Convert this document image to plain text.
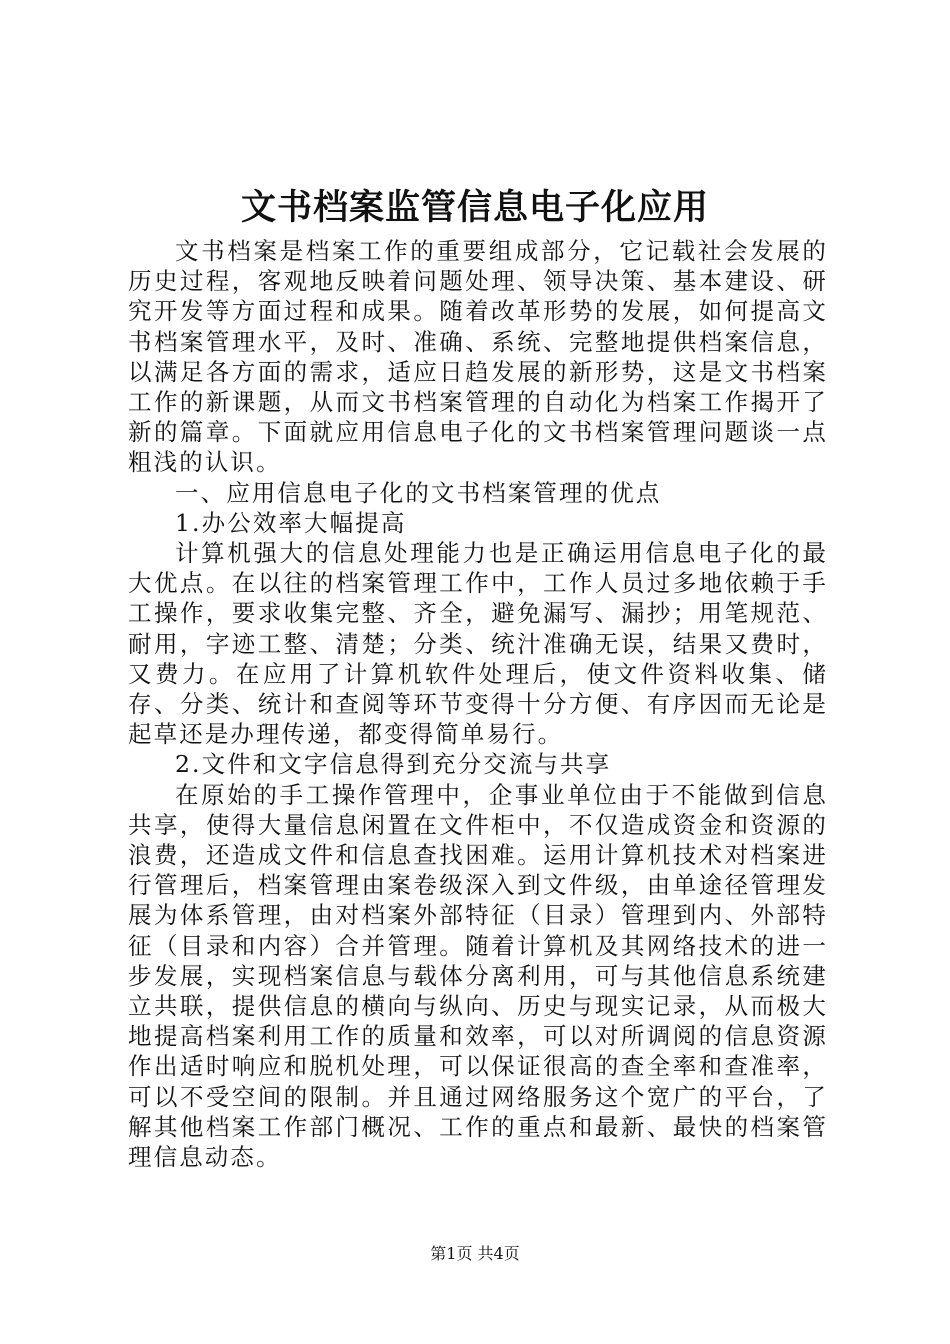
文书档案监管信息电子化应用

文书档案是档案工作的重要组成部分，它记载社会发展的历史过程，客观地反映着问题处理、领导决策、基本建设、研究开发等方面过程和成果。随着改革形势的发展，如何提高文书档案管理水平，及时、准确、系统、完整地提供档案信息，以满足各方面的需求，适应日趋发展的新形势，这是文书档案工作的新课题，从而文书档案管理的自动化为档案工作揭开了新的篇章。下面就应用信息电子化的文书档案管理问题谈一点粗浅的认识。

一、应用信息电子化的文书档案管理的优点

1.办公效率大幅提高

计算机强大的信息处理能力也是正确运用信息电子化的最大优点。在以往的档案管理工作中，工作人员过多地依赖于手工操作，要求收集完整、齐全，避免漏写、漏抄；用笔规范、耐用，字迹工整、清楚；分类、统汁准确无误，结果又费时，又费力。在应用了计算机软件处理后，使文件资料收集、储存、分类、统计和查阅等环节变得十分方便、有序因而无论是起草还是办理传递，都变得简单易行。

2.文件和文字信息得到充分交流与共享

在原始的手工操作管理中，企事业单位由于不能做到信息共享，使得大量信息闲置在文件柜中，不仅造成资金和资源的浪费，还造成文件和信息查找困难。运用计算机技术对档案进行管理后，档案管理由案卷级深入到文件级，由单途径管理发展为体系管理，由对档案外部特征（目录）管理到内、外部特征（目录和内容）合并管理。随着计算机及其网络技术的进一步发展，实现档案信息与载体分离利用，可与其他信息系统建立共联，提供信息的横向与纵向、历史与现实记录，从而极大地提高档案利用工作的质量和效率，可以对所调阅的信息资源作出适时响应和脱机处理，可以保证很高的查全率和查准率，可以不受空间的限制。并且通过网络服务这个宽广的平台，了解其他档案工作部门概况、工作的重点和最新、最快的档案管理信息动态。

第1页 共4页
